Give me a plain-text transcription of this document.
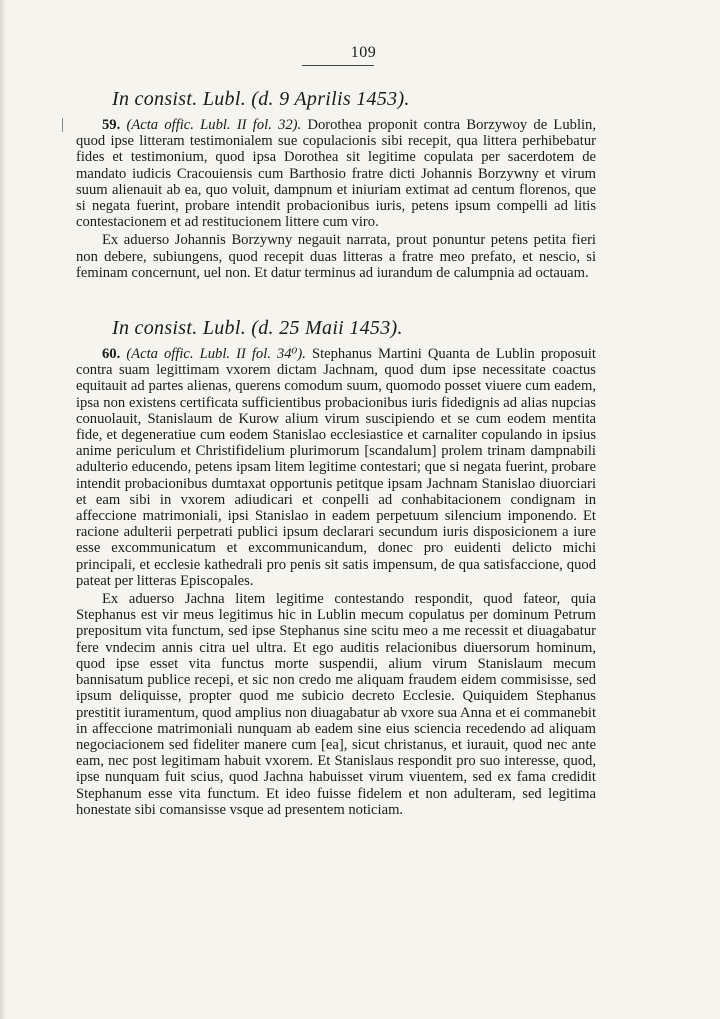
109
In consist. Lubl. (d. 9 Aprilis 1453).

59. (Acta offic. Lubl. II fol. 32). Dorothea proponit contra Borzywoy de Lublin, quod ipse litteram testimonialem sue copulacionis sibi recepit, qua littera perhibebatur fides et testimonium, quod ipsa Dorothea sit legitime copulata per sacerdotem de mandato iudicis Cracouiensis cum Barthosio fratre dicti Johannis Borzywny et virum suum alienauit ab ea, quo voluit, dampnum et iniuriam extimat ad centum florenos, que si negata fuerint, probare intendit probacionibus iuris, petens ipsum compelli ad litis contestacionem et ad restitucionem littere cum viro.

Ex aduerso Johannis Borzywny negauit narrata, prout ponuntur petens petita fieri non debere, subiungens, quod recepit duas litteras a fratre meo prefato, et nescio, si feminam concernunt, uel non. Et datur terminus ad iurandum de calumpnia ad octauam.

In consist. Lubl. (d. 25 Maii 1453).

60. (Acta offic. Lubl. II fol. 34⁰). Stephanus Martini Quanta de Lublin proposuit contra suam legittimam vxorem dictam Jachnam, quod dum ipse necessitate coactus equitauit ad partes alienas, querens comodum suum, quomodo posset viuere cum eadem, ipsa non existens certificata sufficientibus probacionibus iuris fidedignis ad alias nupcias conuolauit, Stanislaum de Kurow alium virum suscipiendo et se cum eodem mentita fide, et degeneratiue cum eodem Stanislao ecclesiastice et carnaliter copulando in ipsius anime periculum et Christifidelium plurimorum [scandalum] prolem trinam dampnabili adulterio educendo, petens ipsam litem legitime contestari; que si negata fuerint, probare intendit probacionibus dumtaxat opportunis petitque ipsam Jachnam Stanislao diuorciari et eam sibi in vxorem adiudicari et conpelli ad conhabitacionem condignam in affeccione matrimoniali, ipsi Stanislao in eadem perpetuum silencium imponendo. Et racione adulterii perpetrati publici ipsum declarari secundum iuris disposicionem a iure esse excommunicatum et excommunicandum, donec pro euidenti delicto michi principali, et ecclesie kathedrali pro penis sit satis impensum, de qua satisfaccione, quod pateat per litteras Episcopales.

Ex aduerso Jachna litem legitime contestando respondit, quod fateor, quia Stephanus est vir meus legitimus hic in Lublin mecum copulatus per dominum Petrum prepositum vita functum, sed ipse Stephanus sine scitu meo a me recessit et diuagabatur fere vndecim annis citra uel ultra. Et ego auditis relacionibus diuersorum hominum, quod ipse esset vita functus morte suspendii, alium virum Stanislaum mecum bannisatum publice recepi, et sic non credo me aliquam fraudem eidem commisisse, sed ipsum deliquisse, propter quod me subicio decreto Ecclesie. Quiquidem Stephanus prestitit iuramentum, quod amplius non diuagabatur ab vxore sua Anna et ei commanebit in affeccione matrimoniali nunquam ab eadem sine eius sciencia recedendo ad aliquam negociacionem sed fideliter manere cum [ea], sicut christanus, et iurauit, quod nec ante eam, nec post legitimam habuit vxorem. Et Stanislaus respondit pro suo interesse, quod, ipse nunquam fuit scius, quod Jachna habuisset virum viuentem, sed ex fama credidit Stephanum esse vita functum. Et ideo fuisse fidelem et non adulteram, sed legitima honestate sibi comansisse vsque ad presentem noticiam.
